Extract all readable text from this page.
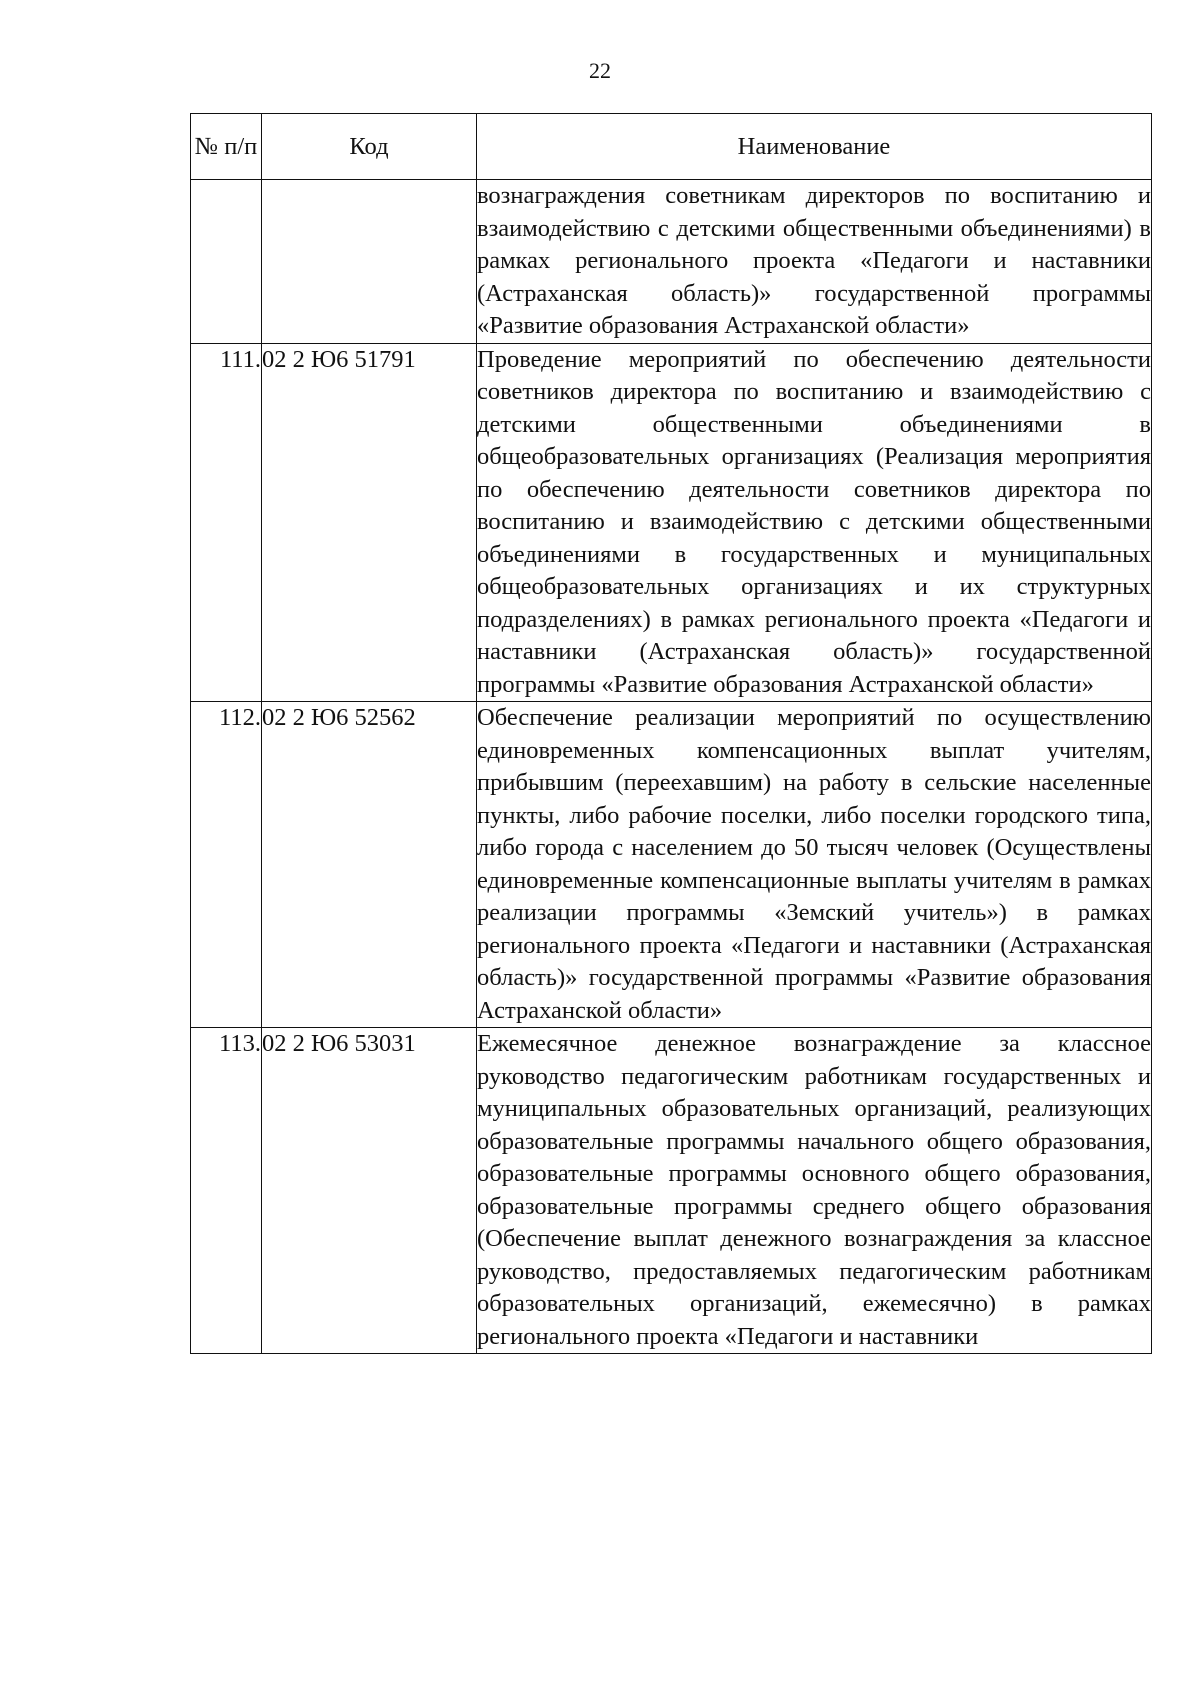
22
№ п/п	Код	Наименование
		вознаграждения советникам директоров по воспитанию и взаимодействию с детскими общественными объединениями) в рамках регионального проекта «Педагоги и наставники (Астраханская область)» государственной программы «Развитие образования Астраханской области»
111.	02 2 Ю6 51791	Проведение мероприятий по обеспечению деятельности советников директора по воспитанию и взаимодействию с детскими общественными объединениями в общеобразовательных организациях (Реализация мероприятия по обеспечению деятельности советников директора по воспитанию и взаимодействию с детскими общественными объединениями в государственных и муниципальных общеобразовательных организациях и их структурных подразделениях) в рамках регионального проекта «Педагоги и наставники (Астраханская область)» государственной программы «Развитие образования Астраханской области»
112.	02 2 Ю6 52562	Обеспечение реализации мероприятий по осуществлению единовременных компенсационных выплат учителям, прибывшим (переехавшим) на работу в сельские населенные пункты, либо рабочие поселки, либо поселки городского типа, либо города с населением до 50 тысяч человек (Осуществлены единовременные компенсационные выплаты учителям в рамках реализации программы «Земский учитель») в рамках регионального проекта «Педагоги и наставники (Астраханская область)» государственной программы «Развитие образования Астраханской области»
113.	02 2 Ю6 53031	Ежемесячное денежное вознаграждение за классное руководство педагогическим работникам государственных и муниципальных образовательных организаций, реализующих образовательные программы начального общего образования, образовательные программы основного общего образования, образовательные программы среднего общего образования (Обеспечение выплат денежного вознаграждения за классное руководство, предоставляемых педагогическим работникам образовательных организаций, ежемесячно) в рамках регионального проекта «Педагоги и наставники
